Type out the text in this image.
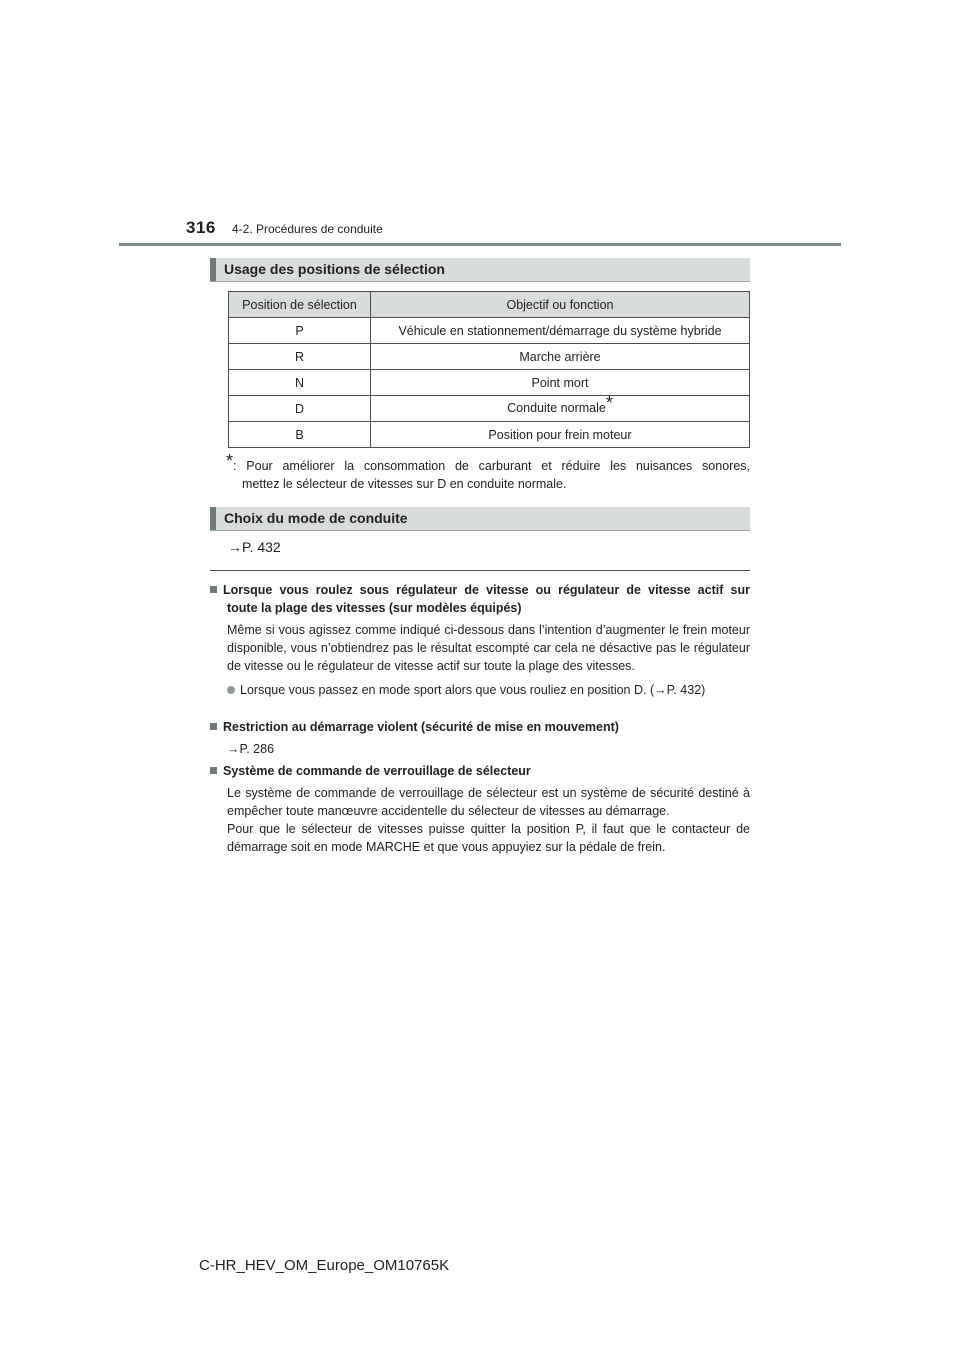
316 4-2. Procédures de conduite
Usage des positions de sélection
Position de sélection	Objectif ou fonction
P	Véhicule en stationnement/démarrage du système hybride
R	Marche arrière
N	Point mort
D	Conduite normale*
B	Position pour frein moteur
*: Pour améliorer la consommation de carburant et réduire les nuisances sonores,
mettez le sélecteur de vitesses sur D en conduite normale.
Choix du mode de conduite
→P. 432
Lorsque vous roulez sous régulateur de vitesse ou régulateur de vitesse actif sur
toute la plage des vitesses (sur modèles équipés)
Même si vous agissez comme indiqué ci-dessous dans l’intention d’augmenter le frein moteur disponible, vous n’obtiendrez pas le résultat escompté car cela ne désactive pas le régulateur de vitesse ou le régulateur de vitesse actif sur toute la plage des vitesses.
Lorsque vous passez en mode sport alors que vous rouliez en position D. (→P. 432)
Restriction au démarrage violent (sécurité de mise en mouvement)
→P. 286
Système de commande de verrouillage de sélecteur
Le système de commande de verrouillage de sélecteur est un système de sécurité destiné à empêcher toute manœuvre accidentelle du sélecteur de vitesses au démarrage.
Pour que le sélecteur de vitesses puisse quitter la position P, il faut que le contacteur de démarrage soit en mode MARCHE et que vous appuyiez sur la pédale de frein.
C-HR_HEV_OM_Europe_OM10765K
